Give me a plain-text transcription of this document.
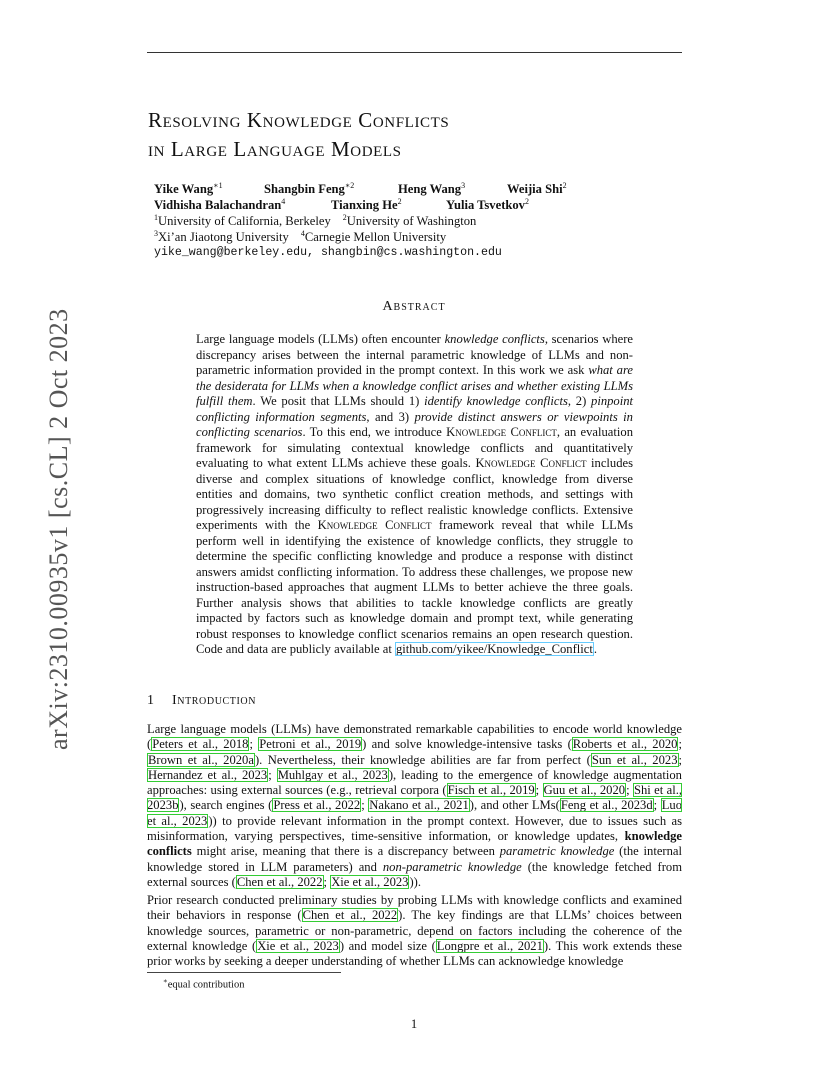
arXiv:2310.00935v1 [cs.CL] 2 Oct 2023
Resolving Knowledge Conflicts
in Large Language Models
Yike Wang$^{∗1}$	Shangbin Feng$^{∗2}$	Heng Wang$^3$	Weijia Shi$^2$
Vidhisha Balachandran$^4$	Tianxing He$^2$	Yulia Tsvetkov$^2$
$^1$University of California, Berkeley $^2$University of Washington
$^3$Xi’an Jiaotong University $^4$Carnegie Mellon University
yike_wang@berkeley.edu, shangbin@cs.washington.edu
Abstract
Large language models (LLMs) often encounter knowledge conflicts, scenarios where discrepancy arises between the internal parametric knowledge of LLMs and non-parametric information provided in the prompt context. In this work we ask what are the desiderata for LLMs when a knowledge conflict arises and whether existing LLMs fulfill them. We posit that LLMs should 1) identify knowledge conflicts, 2) pinpoint conflicting information segments, and 3) provide distinct answers or viewpoints in conflicting scenarios. To this end, we introduce Knowledge Conflict, an evaluation framework for simulating contextual knowledge conflicts and quantitatively evaluating to what extent LLMs achieve these goals. Knowledge Conflict includes diverse and complex situations of knowledge conflict, knowledge from diverse entities and domains, two synthetic conflict creation methods, and settings with progressively increasing difficulty to reflect realistic knowledge conflicts. Extensive experiments with the Knowledge Conflict framework reveal that while LLMs perform well in identifying the existence of knowledge conflicts, they struggle to determine the specific conflicting knowledge and produce a response with distinct answers amidst conflicting information. To address these challenges, we propose new instruction-based approaches that augment LLMs to better achieve the three goals. Further analysis shows that abilities to tackle knowledge conflicts are greatly impacted by factors such as knowledge domain and prompt text, while generating robust responses to knowledge conflict scenarios remains an open research question. Code and data are publicly available at github.com/yikee/Knowledge_Conflict.
1 Introduction
Large language models (LLMs) have demonstrated remarkable capabilities to encode world knowledge (Peters et al., 2018; Petroni et al., 2019) and solve knowledge-intensive tasks (Roberts et al., 2020; Brown et al., 2020a). Nevertheless, their knowledge abilities are far from perfect (Sun et al., 2023; Hernandez et al., 2023; Muhlgay et al., 2023), leading to the emergence of knowledge augmentation approaches: using external sources (e.g., retrieval corpora (Fisch et al., 2019; Guu et al., 2020; Shi et al., 2023b), search engines (Press et al., 2022; Nakano et al., 2021), and other LMs(Feng et al., 2023d; Luo et al., 2023)) to provide relevant information in the prompt context. However, due to issues such as misinformation, varying perspectives, time-sensitive information, or knowledge updates, knowledge conflicts might arise, meaning that there is a discrepancy between parametric knowledge (the internal knowledge stored in LLM parameters) and non-parametric knowledge (the knowledge fetched from external sources (Chen et al., 2022; Xie et al., 2023)).
Prior research conducted preliminary studies by probing LLMs with knowledge conflicts and examined their behaviors in response (Chen et al., 2022). The key findings are that LLMs’ choices between knowledge sources, parametric or non-parametric, depend on factors including the coherence of the external knowledge (Xie et al., 2023) and model size (Longpre et al., 2021). This work extends these prior works by seeking a deeper understanding of whether LLMs can acknowledge knowledge
∗equal contribution
1
